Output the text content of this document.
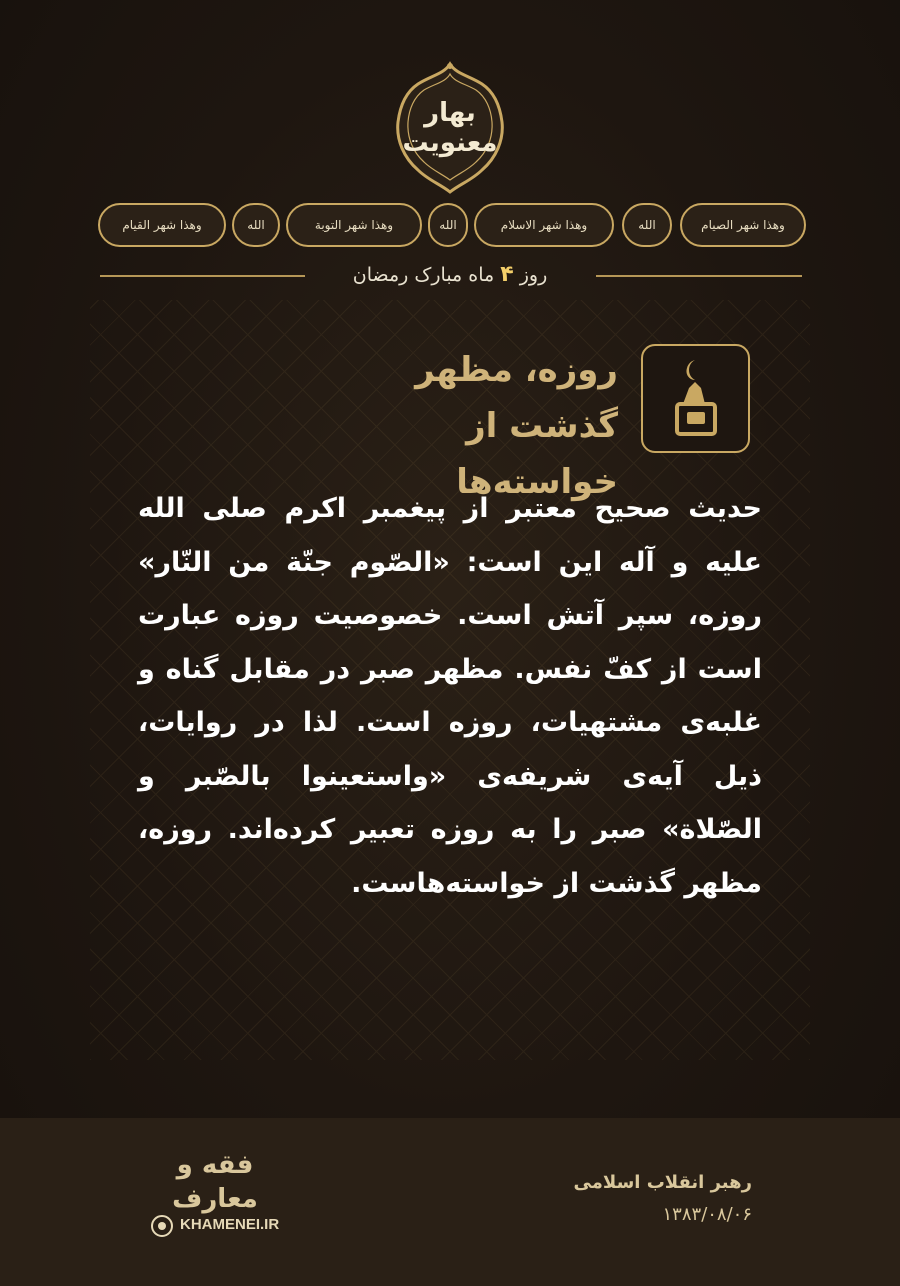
بهار معنویت
وهذا شهر الصیام
الله
وهذا شهر الاسلام
الله
وهذا شهر التوبة
الله
وهذا شهر القیام
روز ۴ ماه مبارک رمضان
روزه، مظهر گذشت از خواسته‌ها
حدیث صحیح معتبر از پیغمبر اکرم صلى الله علیه و آله این است: «الصّوم جنّة من النّار» روزه، سپر آتش است. خصوصیت روزه عبارت است از کفّ نفس. مظهر صبر در مقابل گناه و غلبه‌ی مشتهیات، روزه است. لذا در روایات، ذیل آیه‌ی شریفه‌ی «واستعینوا بالصّبر و الصّلاة» صبر را به روزه تعبیر کرده‌اند. روزه، مظهر گذشت از خواسته‌هاست.
رهبر انقلاب اسلامی
۱۳۸۳/۰۸/۰۶
فقه و معارف
KHAMENEI.IR
